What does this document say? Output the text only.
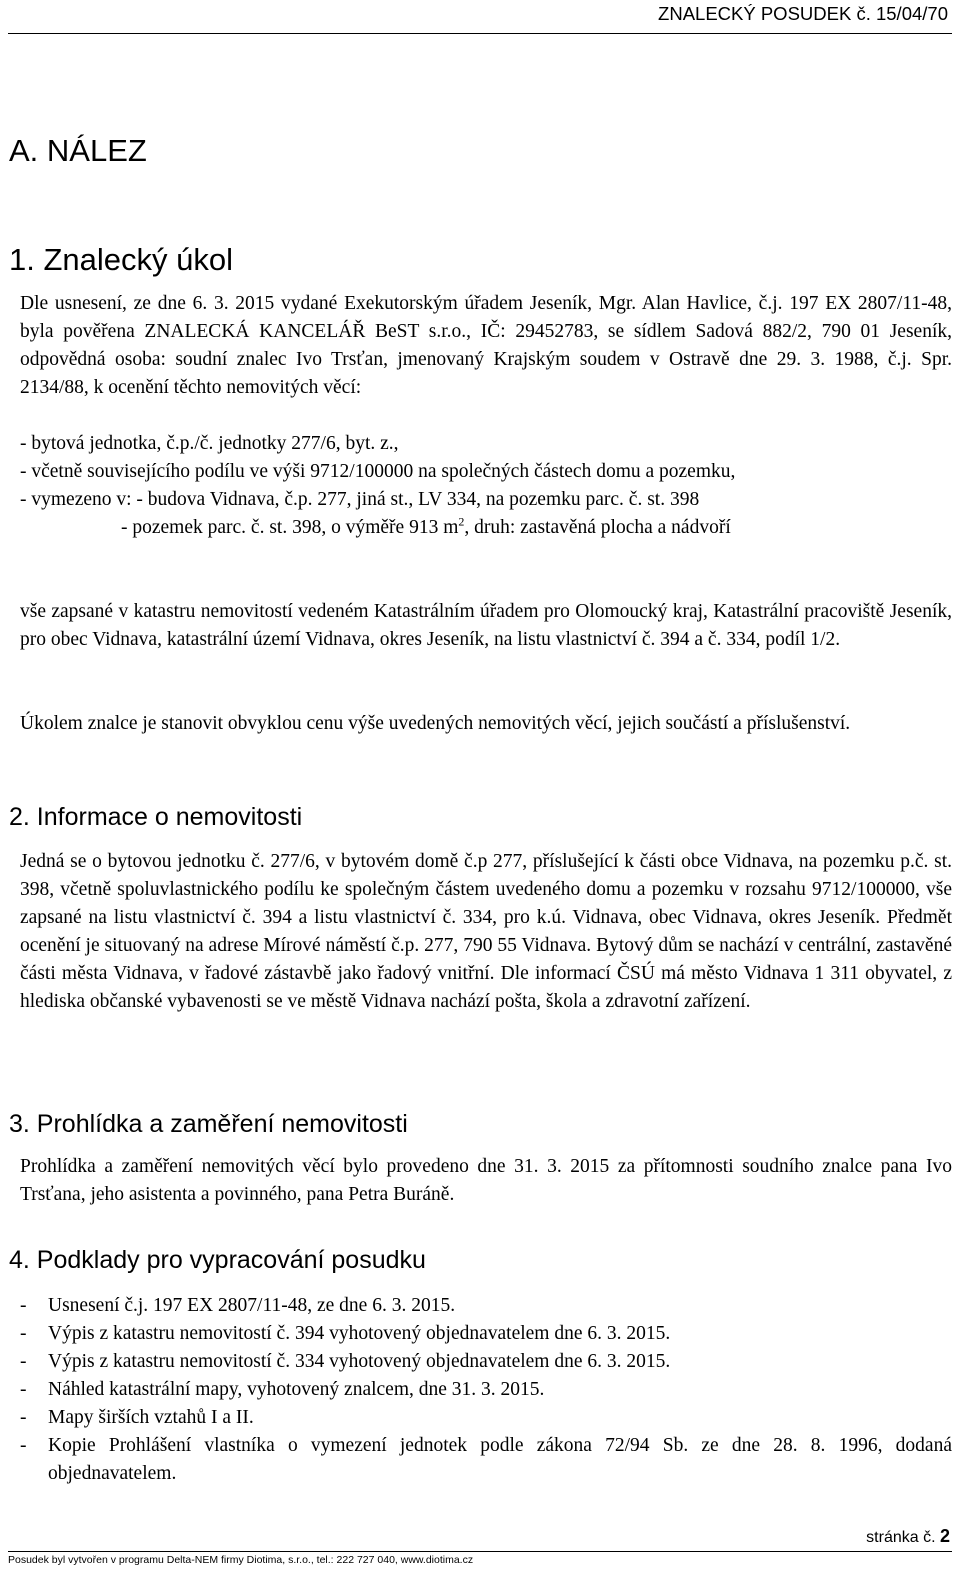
ZNALECKÝ POSUDEK č. 15/04/70
A. NÁLEZ
1. Znalecký úkol

Dle usnesení, ze dne 6. 3. 2015 vydané Exekutorským úřadem Jeseník, Mgr. Alan Havlice, č.j. 197 EX 2807/11-48, byla pověřena ZNALECKÁ KANCELÁŘ BeST s.r.o., IČ: 29452783, se sídlem Sadová 882/2, 790 01 Jeseník, odpovědná osoba: soudní znalec Ivo Trsťan, jmenovaný Krajským soudem v Ostravě dne 29. 3. 1988, č.j. Spr. 2134/88, k ocenění těchto nemovitých věcí:

- bytová jednotka, č.p./č. jednotky 277/6, byt. z.,

- včetně souvisejícího podílu ve výši 9712/100000 na společných částech domu a pozemku,

- vymezeno v: - budova Vidnava, č.p. 277, jiná st., LV 334, na pozemku parc. č. st. 398

- pozemek parc. č. st. 398, o výměře 913 $m^2$, druh: zastavěná plocha a nádvoří

vše zapsané v katastru nemovitostí vedeném Katastrálním úřadem pro Olomoucký kraj, Katastrální pracoviště Jeseník, pro obec Vidnava, katastrální území Vidnava, okres Jeseník, na listu vlastnictví č. 394 a č. 334, podíl 1/2.

Úkolem znalce je stanovit obvyklou cenu výše uvedených nemovitých věcí, jejich součástí a příslušenství.

2. Informace o nemovitosti

Jedná se o bytovou jednotku č. 277/6, v bytovém domě č.p 277, příslušející k části obce Vidnava, na pozemku p.č. st. 398, včetně spoluvlastnického podílu ke společným částem uvedeného domu a pozemku v rozsahu 9712/100000, vše zapsané na listu vlastnictví č. 394 a listu vlastnictví č. 334, pro k.ú. Vidnava, obec Vidnava, okres Jeseník. Předmět ocenění je situovaný na adrese Mírové náměstí č.p. 277, 790 55 Vidnava. Bytový dům se nachází v centrální, zastavěné části města Vidnava, v řadové zástavbě jako řadový vnitřní. Dle informací ČSÚ má město Vidnava 1 311 obyvatel, z hlediska občanské vybavenosti se ve městě Vidnava nachází pošta, škola a zdravotní zařízení.

3. Prohlídka a zaměření nemovitosti

Prohlídka a zaměření nemovitých věcí bylo provedeno dne 31. 3. 2015 za přítomnosti soudního znalce pana Ivo Trsťana, jeho asistenta a povinného, pana Petra Buráně.

4. Podklady pro vypracování posudku
- Usnesení č.j. 197 EX 2807/11-48, ze dne 6. 3. 2015.
- Výpis z katastru nemovitostí č. 394 vyhotovený objednavatelem dne 6. 3. 2015.
- Výpis z katastru nemovitostí č. 334 vyhotovený objednavatelem dne 6. 3. 2015.
- Náhled katastrální mapy, vyhotovený znalcem, dne 31. 3. 2015.
- Mapy širších vztahů I a II.
- Kopie Prohlášení vlastníka o vymezení jednotek podle zákona 72/94 Sb. ze dne 28. 8. 1996, dodaná objednavatelem.
stránka č. 2
Posudek byl vytvořen v programu Delta-NEM firmy Diotima, s.r.o., tel.: 222 727 040, www.diotima.cz
